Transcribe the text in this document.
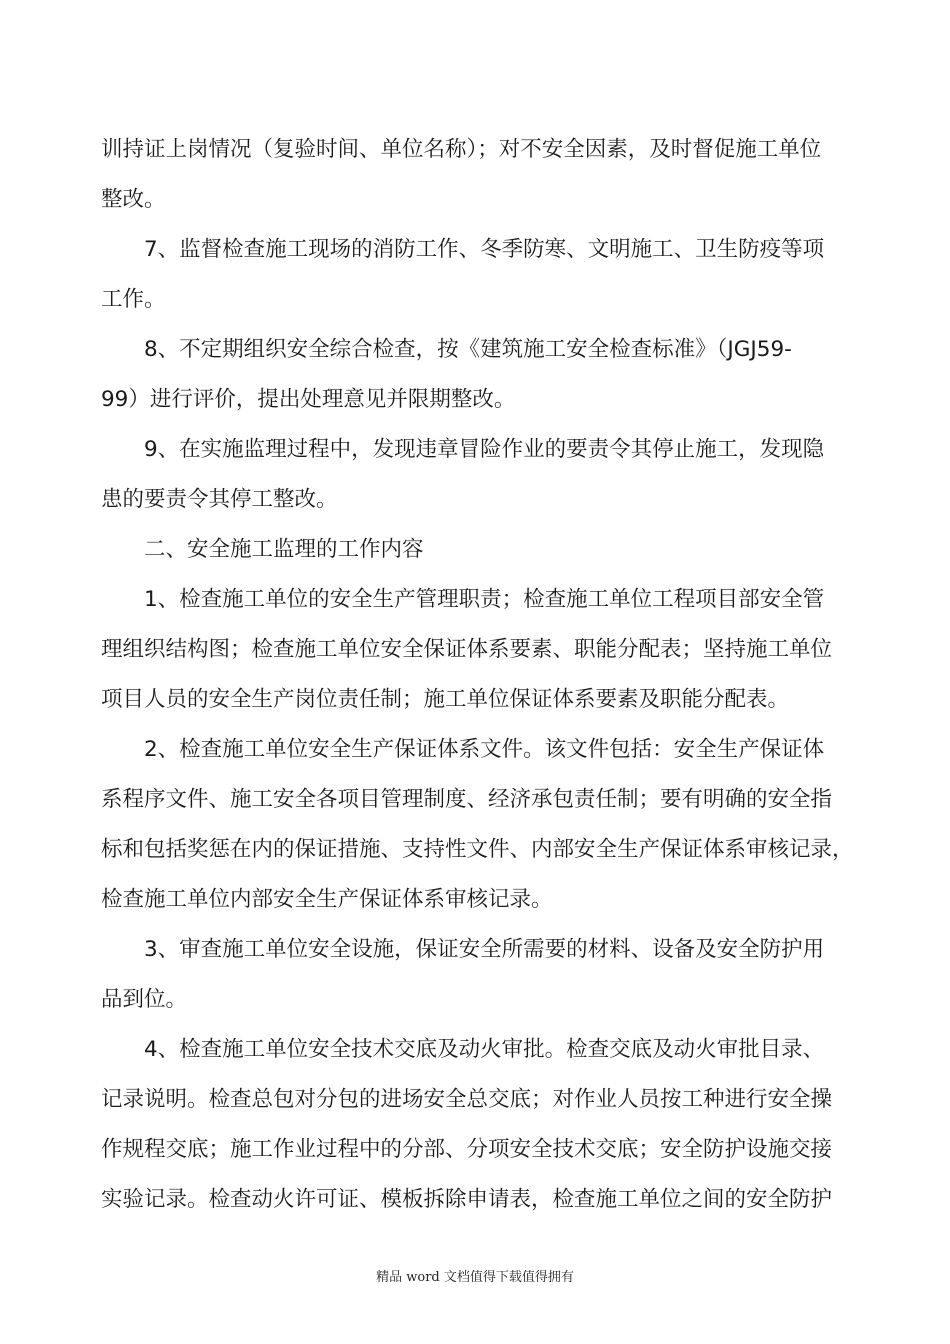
训持证上岗情况（复验时间、单位名称）；对不安全因素，及时督促施工单位
整改。
7、监督检查施工现场的消防工作、冬季防寒、文明施工、卫生防疫等项
工作。
8、不定期组织安全综合检查，按《建筑施工安全检查标准》（JGJ59-
99）进行评价，提出处理意见并限期整改。
9、在实施监理过程中，发现违章冒险作业的要责令其停止施工，发现隐
患的要责令其停工整改。
二、安全施工监理的工作内容
1、检查施工单位的安全生产管理职责；检查施工单位工程项目部安全管
理组织结构图；检查施工单位安全保证体系要素、职能分配表；坚持施工单位
项目人员的安全生产岗位责任制；施工单位保证体系要素及职能分配表。
2、检查施工单位安全生产保证体系文件。该文件包括：安全生产保证体
系程序文件、施工安全各项目管理制度、经济承包责任制；要有明确的安全指
标和包括奖惩在内的保证措施、支持性文件、内部安全生产保证体系审核记录，
检查施工单位内部安全生产保证体系审核记录。
3、审查施工单位安全设施，保证安全所需要的材料、设备及安全防护用
品到位。
4、检查施工单位安全技术交底及动火审批。检查交底及动火审批目录、
记录说明。检查总包对分包的进场安全总交底；对作业人员按工种进行安全操
作规程交底；施工作业过程中的分部、分项安全技术交底；安全防护设施交接
实验记录。检查动火许可证、模板拆除申请表，检查施工单位之间的安全防护
精品 word 文档值得下载值得拥有
